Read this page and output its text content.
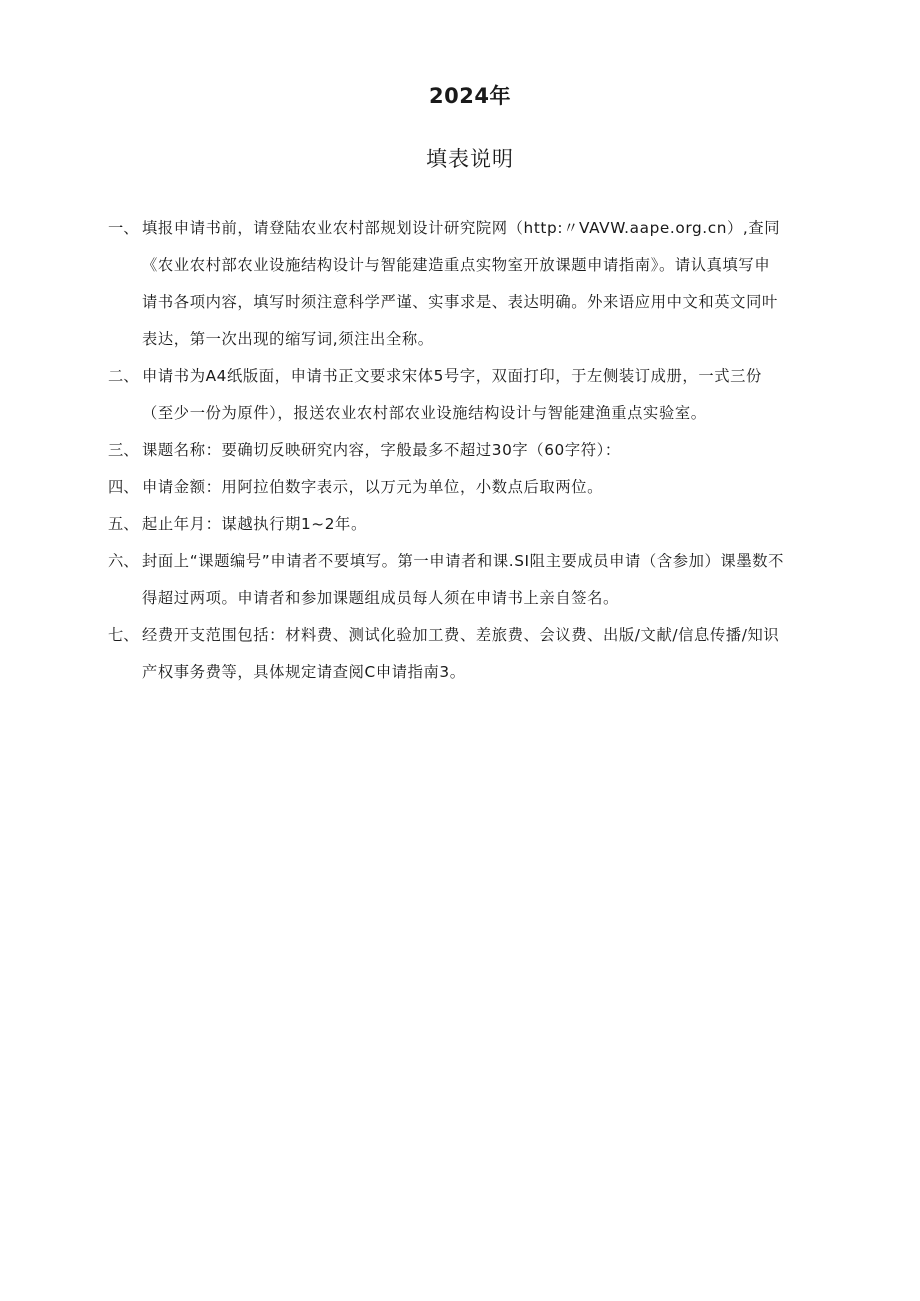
2024年
填表说明
一、 填报申请书前，请登陆农业农村部规划设计研究院网（http:〃VAVW.aape.org.cn）,查同
《农业农村部农业设施结构设计与智能建造重点实物室开放课题申请指南》。请认真填写申
请书各项内容，填写时须注意科学严谨、实事求是、表达明确。外来语应用中文和英文同叶
表达，第一次出现的缩写词,须注出全称。
二、 申请书为A4纸版面，申请书正文要求宋体5号字，双面打印，于左侧装订成册，一式三份
（至少一份为原件），报送农业农村部农业设施结构设计与智能建渔重点实验室。
三、 课题名称：要确切反映研究内容，字般最多不超过30字（60字符）：
四、 申请金额：用阿拉伯数字表示，以万元为单位，小数点后取两位。
五、 起止年月：谋越执行期1~2年。
六、 封面上“课题编号”申请者不要填写。第一申请者和课.SI阻主要成员申请（含参加）课墨数不
得超过两项。申请者和参加课题组成员每人须在申请书上亲自签名。
七、 经费开支范围包括：材料费、测试化验加工费、差旅费、会议费、出版/文献/信息传播/知识
产权事务费等，具体规定请查阅C申请指南3。
